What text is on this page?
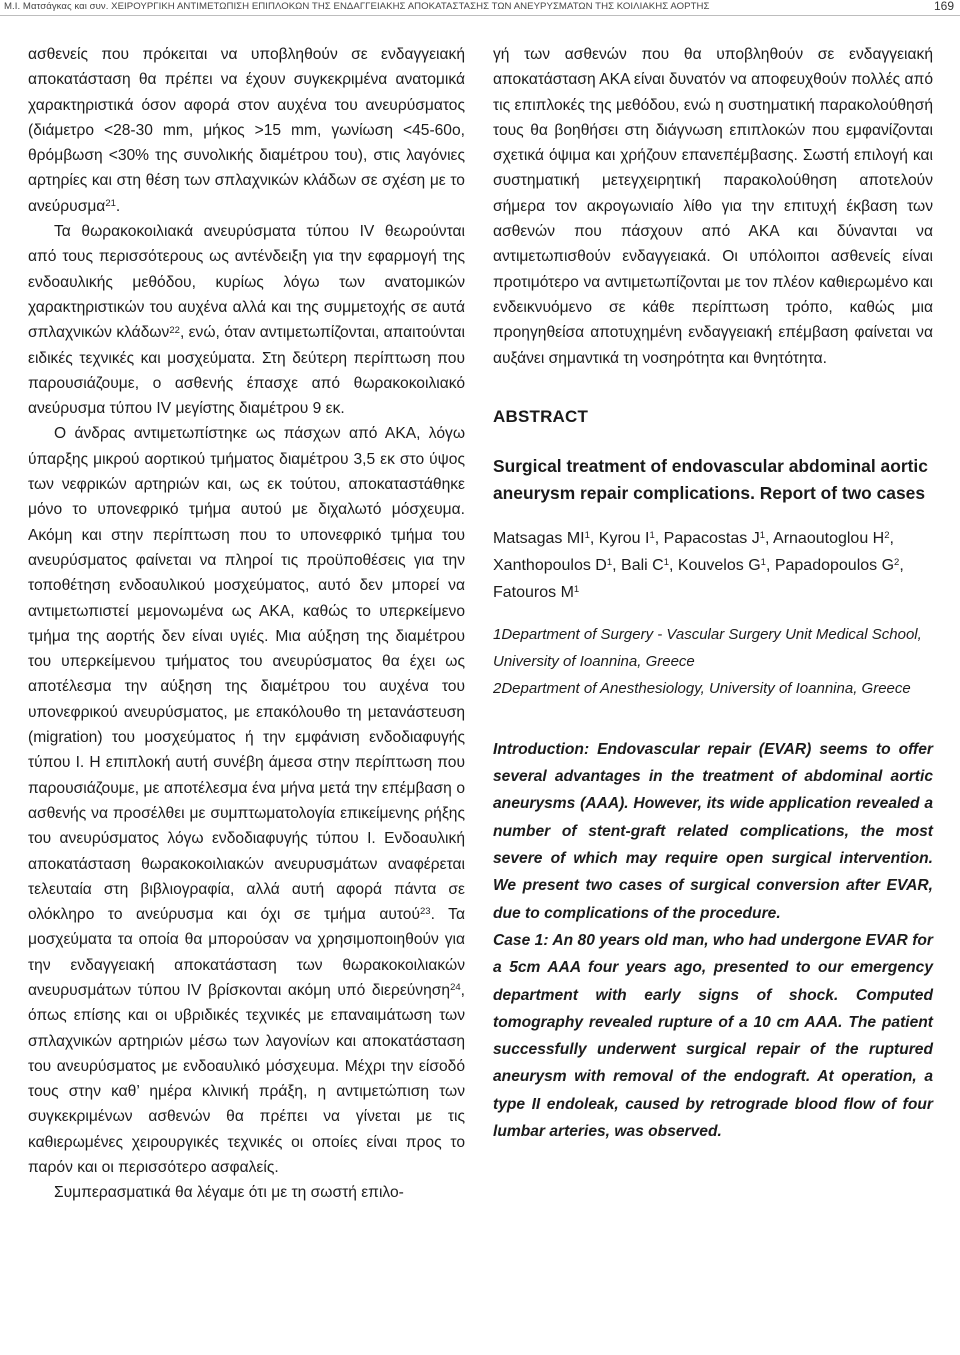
Μ.Ι. Ματσάγκας και συν. ΧΕΙΡΟΥΡΓΙΚΗ ΑΝΤΙΜΕΤΩΠΙΣΗ ΕΠΙΠΛΟΚΩΝ ΤΗΣ ΕΝΔΑΓΓΕΙΑΚΗΣ ΑΠΟΚΑΤΑΣΤΑΣΗΣ ΤΩΝ ΑΝΕΥΡΥΣΜΑΤΩΝ ΤΗΣ ΚΟΙΛΙΑΚΗΣ ΑΟΡΤΗΣ	169

ασθενείς που πρόκειται να υποβληθούν σε ενδαγγειακή αποκατάσταση θα πρέπει να έχουν συγκεκριμένα ανατομικά χαρακτηριστικά όσον αφορά στον αυχένα του ανευρύσματος (διάμετρο <28-30 mm, μήκος >15 mm, γωνίωση <45-60ο, θρόμβωση <30% της συνολικής διαμέτρου του), στις λαγόνιες αρτηρίες και στη θέση των σπλαχνικών κλάδων σε σχέση με το ανεύρυσμα$^{21}$.

Τα θωρακοκοιλιακά ανευρύσματα τύπου IV θεωρούνται από τους περισσότερους ως αντένδειξη για την εφαρμογή της ενδοαυλικής μεθόδου, κυρίως λόγω των ανατομικών χαρακτηριστικών του αυχένα αλλά και της συμμετοχής σε αυτά σπλαχνικών κλάδων$^{22}$, ενώ, όταν αντιμετωπίζονται, απαιτούνται ειδικές τεχνικές και μοσχεύματα. Στη δεύτερη περίπτωση που παρουσιάζουμε, ο ασθενής έπασχε από θωρακοκοιλιακό ανεύρυσμα τύπου IV μεγίστης διαμέτρου 9 εκ.

Ο άνδρας αντιμετωπίστηκε ως πάσχων από ΑΚΑ, λόγω ύπαρξης μικρού αορτικού τμήματος διαμέτρου 3,5 εκ στο ύψος των νεφρικών αρτηριών και, ως εκ τούτου, αποκαταστάθηκε μόνο το υπονεφρικό τμήμα αυτού με διχαλωτό μόσχευμα. Ακόμη και στην περίπτωση που το υπονεφρικό τμήμα του ανευρύσματος φαίνεται να πληροί τις προϋποθέσεις για την τοποθέτηση ενδοαυλικού μοσχεύματος, αυτό δεν μπορεί να αντιμετωπιστεί μεμονωμένα ως ΑΚΑ, καθώς το υπερκείμενο τμήμα της αορτής δεν είναι υγιές. Μια αύξηση της διαμέτρου του υπερκείμενου τμήματος του ανευρύσματος θα έχει ως αποτέλεσμα την αύξηση της διαμέτρου του αυχένα του υπονεφρικού ανευρύσματος, με επακόλουθο τη μετανάστευση (migration) του μοσχεύματος ή την εμφάνιση ενδοδιαφυγής τύπου I. Η επιπλοκή αυτή συνέβη άμεσα στην περίπτωση που παρουσιάζουμε, με αποτέλεσμα ένα μήνα μετά την επέμβαση ο ασθενής να προσέλθει με συμπτωματολογία επικείμενης ρήξης του ανευρύσματος λόγω ενδοδιαφυγής τύπου I. Ενδοαυλική αποκατάσταση θωρακοκοιλιακών ανευρυσμάτων αναφέρεται τελευταία στη βιβλιογραφία, αλλά αυτή αφορά πάντα σε ολόκληρο το ανεύρυσμα και όχι σε τμήμα αυτού$^{23}$. Τα μοσχεύματα τα οποία θα μπορούσαν να χρησιμοποιηθούν για την ενδαγγειακή αποκατάσταση των θωρακοκοιλιακών ανευρυσμάτων τύπου IV βρίσκονται ακόμη υπό διερεύνηση$^{24}$, όπως επίσης και οι υβριδικές τεχνικές με επαναιμάτωση των σπλαχνικών αρτηριών μέσω των λαγονίων και αποκατάσταση του ανευρύσματος με ενδοαυλικό μόσχευμα. Μέχρι την είσοδό τους στην καθ’ ημέρα κλινική πράξη, η αντιμετώπιση των συγκεκριμένων ασθενών θα πρέπει να γίνεται με τις καθιερωμένες χειρουργικές τεχνικές οι οποίες είναι προς το παρόν και οι περισσότερο ασφαλείς.

Συμπερασματικά θα λέγαμε ότι με τη σωστή επιλο-

γή των ασθενών που θα υποβληθούν σε ενδαγγειακή αποκατάσταση ΑΚΑ είναι δυνατόν να αποφευχθούν πολλές από τις επιπλοκές της μεθόδου, ενώ η συστηματική παρακολούθησή τους θα βοηθήσει στη διάγνωση επιπλοκών που εμφανίζονται σχετικά όψιμα και χρήζουν επανεπέμβασης. Σωστή επιλογή και συστηματική μετεγχειρητική παρακολούθηση αποτελούν σήμερα τον ακρογωνιαίο λίθο για την επιτυχή έκβαση των ασθενών που πάσχουν από ΑΚΑ και δύνανται να αντιμετωπισθούν ενδαγγειακά. Οι υπόλοιποι ασθενείς είναι προτιμότερο να αντιμετωπίζονται με τον πλέον καθιερωμένο και ενδεικνυόμενο σε κάθε περίπτωση τρόπο, καθώς μια προηγηθείσα αποτυχημένη ενδαγγειακή επέμβαση φαίνεται να αυξάνει σημαντικά τη νοσηρότητα και θνητότητα.

ABSTRACT
Surgical treatment of endovascular abdominal aortic aneurysm repair complications. Report of two cases

Matsagas $MI^1$, Kyrou $I^1$, Papacostas $J^1$, Arnaoutoglou $H^2$, Xanthopoulos $D^1$, Bali $C^1$, Kouvelos $G^1$, Papadopoulos $G^2$, Fatouros $M^1$

1Department of Surgery - Vascular Surgery Unit Medical School, University of Ioannina, Greece

2Department of Anesthesiology, University of Ioannina, Greece

Introduction: Endovascular repair (EVAR) seems to offer several advantages in the treatment of abdominal aortic aneurysms (AAA). However, its wide application revealed a number of stent-graft related complications, the most severe of which may require open surgical intervention. We present two cases of surgical conversion after EVAR, due to complications of the procedure.

Case 1: An 80 years old man, who had undergone EVAR for a 5cm AAA four years ago, presented to our emergency department with early signs of shock. Computed tomography revealed rupture of a 10 cm AAA. The patient successfully underwent surgical repair of the ruptured aneurysm with removal of the endograft. At operation, a type II endoleak, caused by retrograde blood flow of four lumbar arteries, was observed.
